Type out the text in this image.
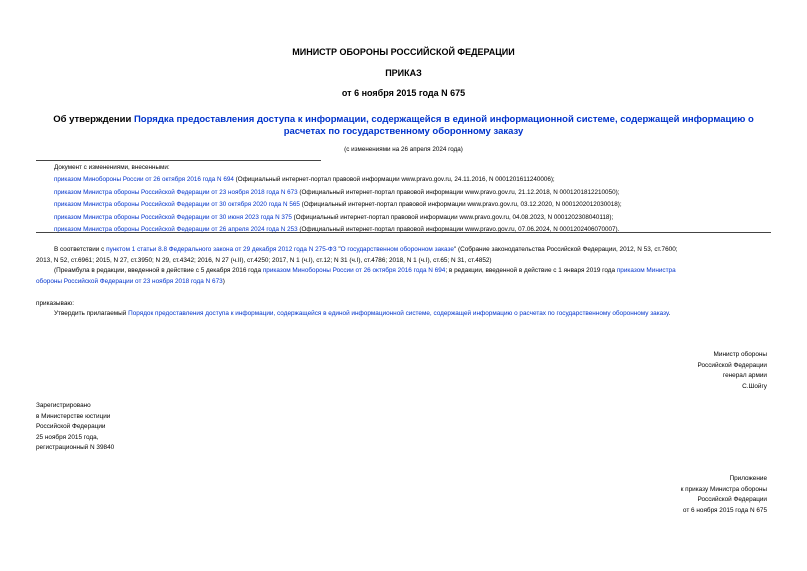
МИНИСТР ОБОРОНЫ РОССИЙСКОЙ ФЕДЕРАЦИИ
ПРИКАЗ
от 6 ноября 2015 года N 675
Об утверждении Порядка предоставления доступа к информации, содержащейся в единой информационной системе, содержащей информацию о расчетах по государственному оборонному заказу
(с изменениями на 26 апреля 2024 года)
Документ с изменениями, внесенными:
приказом Минобороны России от 26 октября 2016 года N 694 (Официальный интернет-портал правовой информации www.pravo.gov.ru, 24.11.2016, N 0001201611240006);
приказом Министра обороны Российской Федерации от 23 ноября 2018 года N 673 (Официальный интернет-портал правовой информации www.pravo.gov.ru, 21.12.2018, N 0001201812210050);
приказом Министра обороны Российской Федерации от 30 октября 2020 года N 565 (Официальный интернет-портал правовой информации www.pravo.gov.ru, 03.12.2020, N 0001202012030018);
приказом Министра обороны Российской Федерации от 30 июня 2023 года N 375 (Официальный интернет-портал правовой информации www.pravo.gov.ru, 04.08.2023, N 0001202308040118);
приказом Министра обороны Российской Федерации от 26 апреля 2024 года N 253 (Официальный интернет-портал правовой информации www.pravo.gov.ru, 07.06.2024, N 0001202406070007).
В соответствии с пунктом 1 статьи 8.8 Федерального закона от 29 декабря 2012 года N 275-ФЗ "О государственном оборонном заказе" (Собрание законодательства Российской Федерации, 2012, N 53, ст.7600;
2013, N 52, ст.6961; 2015, N 27, ст.3950; N 29, ст.4342; 2016, N 27 (ч.II), ст.4250; 2017, N 1 (ч.I), ст.12; N 31 (ч.I), ст.4786; 2018, N 1 (ч.I), ст.65; N 31, ст.4852)
(Преамбула в редакции, введенной в действие с 5 декабря 2016 года приказом Минобороны России от 26 октября 2016 года N 694; в редакции, введенной в действие с 1 января 2019 года приказом Министра
обороны Российской Федерации от 23 ноября 2018 года N 673)
приказываю:
Утвердить прилагаемый Порядок предоставления доступа к информации, содержащейся в единой информационной системе, содержащей информацию о расчетах по государственному оборонному заказу.
Министр обороны
Российской Федерации
генерал армии
С.Шойгу
Зарегистрировано
в Министерстве юстиции
Российской Федерации
25 ноября 2015 года,
регистрационный N 39840
Приложение
к приказу Министра обороны
Российской Федерации
от 6 ноября 2015 года N 675
